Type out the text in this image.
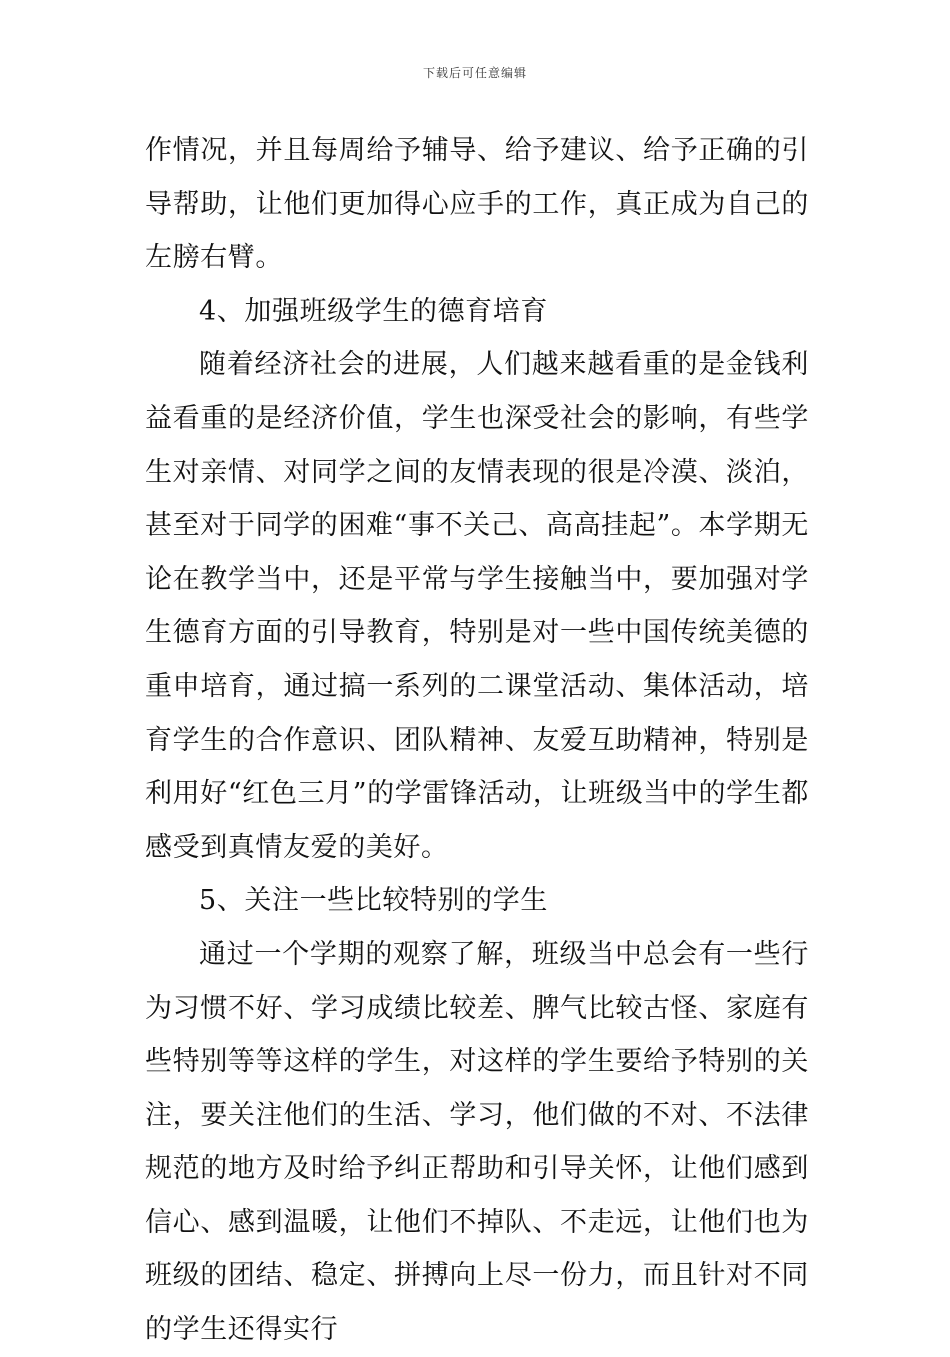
下载后可任意编辑

作情况，并且每周给予辅导、给予建议、给予正确的引导帮助，让他们更加得心应手的工作，真正成为自己的左膀右臂。

4、加强班级学生的德育培育

随着经济社会的进展，人们越来越看重的是金钱利益看重的是经济价值，学生也深受社会的影响，有些学生对亲情、对同学之间的友情表现的很是冷漠、淡泊，甚至对于同学的困难“事不关己、高高挂起”。本学期无论在教学当中，还是平常与学生接触当中，要加强对学生德育方面的引导教育，特别是对一些中国传统美德的重申培育，通过搞一系列的二课堂活动、集体活动，培育学生的合作意识、团队精神、友爱互助精神，特别是利用好“红色三月”的学雷锋活动，让班级当中的学生都感受到真情友爱的美好。

5、关注一些比较特别的学生

通过一个学期的观察了解，班级当中总会有一些行为习惯不好、学习成绩比较差、脾气比较古怪、家庭有些特别等等这样的学生，对这样的学生要给予特别的关注，要关注他们的生活、学习，他们做的不对、不法律规范的地方及时给予纠正帮助和引导关怀，让他们感到信心、感到温暖，让他们不掉队、不走远，让他们也为班级的团结、稳定、拼搏向上尽一份力，而且针对不同的学生还得实行
